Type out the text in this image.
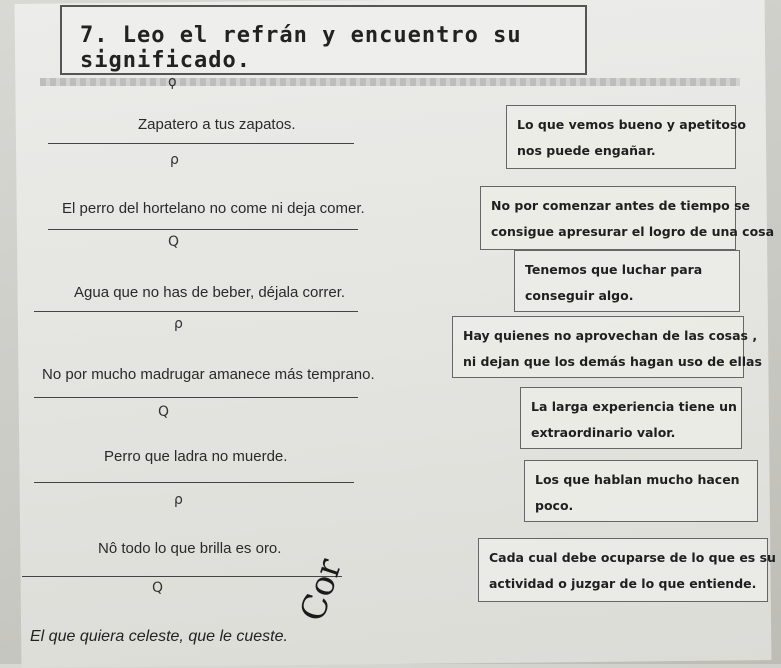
7. Leo el refrán y encuentro su significado.
ϙ
Zapatero a tus zapatos.
ρ
El perro del hortelano no come ni deja comer.
Q
Agua que no has de beber, déjala correr.
ρ
No por mucho madrugar amanece más temprano.
Q
Perro que ladra no muerde.
ρ
Nô todo lo que brilla es oro.
Q
El que quiera celeste, que le cueste.
Cor
Lo que vemos bueno y apetitoso
nos puede engañar.
No por comenzar antes de tiempo se
consigue apresurar el logro de una cosa
Tenemos que luchar para
conseguir algo.
Hay quienes no aprovechan de las cosas ,
ni dejan que los demás hagan uso de ellas
La larga experiencia tiene un
extraordinario valor.
Los que hablan mucho hacen
poco.
Cada cual debe ocuparse de lo que es su
actividad o juzgar de lo que entiende.
